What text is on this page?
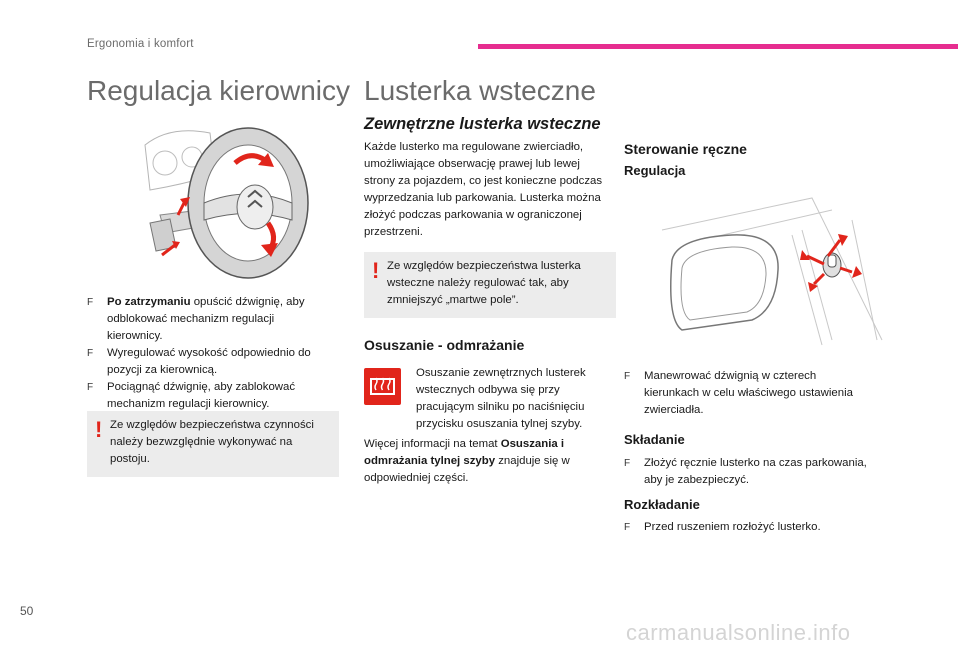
Ergonomia i komfort
Regulacja kierownicy
F Po zatrzymaniu opuścić dźwignię, aby odblokować mechanizm regulacji kierownicy.
F Wyregulować wysokość odpowiednio do pozycji za kierownicą.
F Pociągnąć dźwignię, aby zablokować mechanizm regulacji kierownicy.
! Ze względów bezpieczeństwa czynności należy bezwzględnie wykonywać na postoju.
Lusterka wsteczne
Zewnętrzne lusterka wsteczne
Każde lusterko ma regulowane zwierciadło, umożliwiające obserwację prawej lub lewej strony za pojazdem, co jest konieczne podczas wyprzedzania lub parkowania. Lusterka można złożyć podczas parkowania w ograniczonej przestrzeni.
! Ze względów bezpieczeństwa lusterka wsteczne należy regulować tak, aby zmniejszyć „martwe pole”.
Osuszanie - odmrażanie
Osuszanie zewnętrznych lusterek wstecznych odbywa się przy pracującym silniku po naciśnięciu przycisku osuszania tylnej szyby.
Więcej informacji na temat Osuszania i odmrażania tylnej szyby znajduje się w odpowiedniej części.
Sterowanie ręczne
Regulacja
F Manewrować dźwignią w czterech kierunkach w celu właściwego ustawienia zwierciadła.
Składanie
F Złożyć ręcznie lusterko na czas parkowania, aby je zabezpieczyć.
Rozkładanie
F Przed ruszeniem rozłożyć lusterko.
50
carmanualsonline.info
